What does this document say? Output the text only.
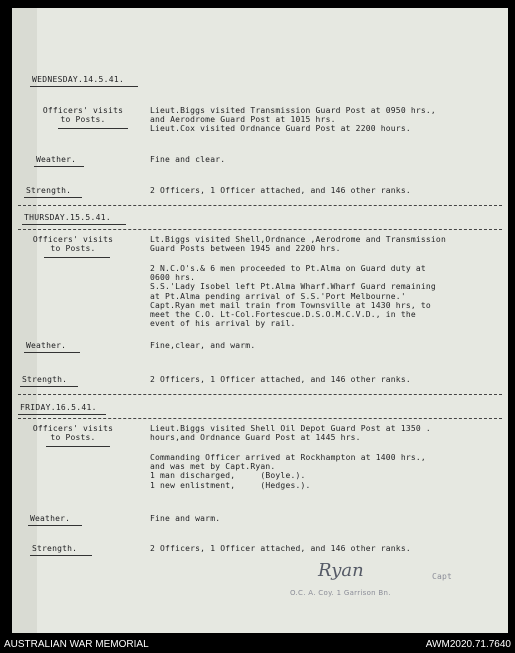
WEDNESDAY.14.5.41.
Officers' visits
to Posts.
Lieut.Biggs visited Transmission Guard Post at 0950 hrs.,
and Aerodrome Guard Post at 1015 hrs.
Lieut.Cox visited Ordnance Guard Post at 2200 hours.
Weather.	Fine and clear.
Strength.	2 Officers, 1 Officer attached, and 146 other ranks.
THURSDAY.15.5.41.
Officers' visits
to Posts.
Lt.Biggs visited Shell,Ordnance ,Aerodrome and Transmission
Guard Posts between 1945 and 2200 hrs.
2 N.C.O's.& 6 men proceeded to Pt.Alma on Guard duty at
0600 hrs.
S.S.'Lady Isobel left Pt.Alma Wharf.Wharf Guard remaining
at Pt.Alma pending arrival of S.S.'Port Melbourne.'
Capt.Ryan met mail train from Townsville at 1430 hrs, to
meet the C.O. Lt-Col.Fortescue.D.S.O.M.C.V.D., in the
event of his arrival by rail.
Weather.	Fine,clear, and warm.
Strength.	2 Officers, 1 Officer attached, and 146 other ranks.
FRIDAY.16.5.41.
Officers' visits
to Posts.
Lieut.Biggs visited Shell Oil Depot Guard Post at 1350 .
hours,and Ordnance Guard Post at 1445 hrs.
Commanding Officer arrived at Rockhampton at 1400 hrs.,
and was met by Capt.Ryan.
1 man discharged,     (Boyle.).
1 new enlistment,     (Hedges.).
Weather.	Fine and warm.
Strength.	2 Officers, 1 Officer attached, and 146 other ranks.
Ryan	Capt
O.C. A. Coy. 1 Garrison Bn.
AUSTRALIAN WAR MEMORIAL	AWM2020.71.7640
